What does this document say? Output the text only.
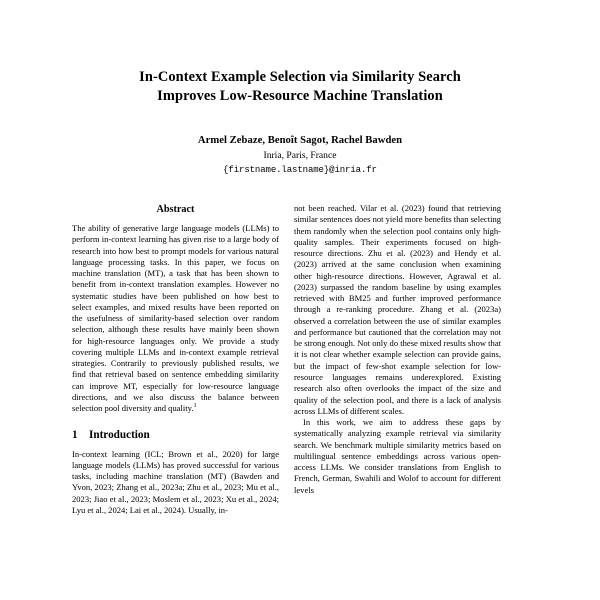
In-Context Example Selection via Similarity Search
Improves Low-Resource Machine Translation
Armel Zebaze, Benoît Sagot, Rachel Bawden
Inria, Paris, France
{firstname.lastname}@inria.fr
Abstract

The ability of generative large language models (LLMs) to perform in-context learning has given rise to a large body of research into how best to prompt models for various natural language processing tasks. In this paper, we focus on machine translation (MT), a task that has been shown to benefit from in-context translation examples. However no systematic studies have been published on how best to select examples, and mixed results have been reported on the usefulness of similarity-based selection over random selection, although these results have mainly been shown for high-resource languages only. We provide a study covering multiple LLMs and in-context example retrieval strategies. Contrarily to previously published results, we find that retrieval based on sentence embedding similarity can improve MT, especially for low-resource language directions, and we also discuss the balance between selection pool diversity and quality.$^1$

1	Introduction

In-context learning (ICL; Brown et al., 2020) for large language models (LLMs) has proved successful for various tasks, including machine translation (MT) (Bawden and Yvon, 2023; Zhang et al., 2023a; Zhu et al., 2023; Mu et al., 2023; Jiao et al., 2023; Moslem et al., 2023; Xu et al., 2024; Lyu et al., 2024; Lai et al., 2024). Usually, in-

not been reached. Vilar et al. (2023) found that retrieving similar sentences does not yield more benefits than selecting them randomly when the selection pool contains only high-quality samples. Their experiments focused on high-resource directions. Zhu et al. (2023) and Hendy et al. (2023) arrived at the same conclusion when examining other high-resource directions. However, Agrawal et al. (2023) surpassed the random baseline by using examples retrieved with BM25 and further improved performance through a re-ranking procedure. Zhang et al. (2023a) observed a correlation between the use of similar examples and performance but cautioned that the correlation may not be strong enough. Not only do these mixed results show that it is not clear whether example selection can provide gains, but the impact of few-shot example selection for low-resource languages remains underexplored. Existing research also often overlooks the impact of the size and quality of the selection pool, and there is a lack of analysis across LLMs of different scales.

In this work, we aim to address these gaps by systematically analyzing example retrieval via similarity search. We benchmark multiple similarity metrics based on multilingual sentence embeddings across various open-access LLMs. We consider translations from English to French, German, Swahili and Wolof to account for different levels
